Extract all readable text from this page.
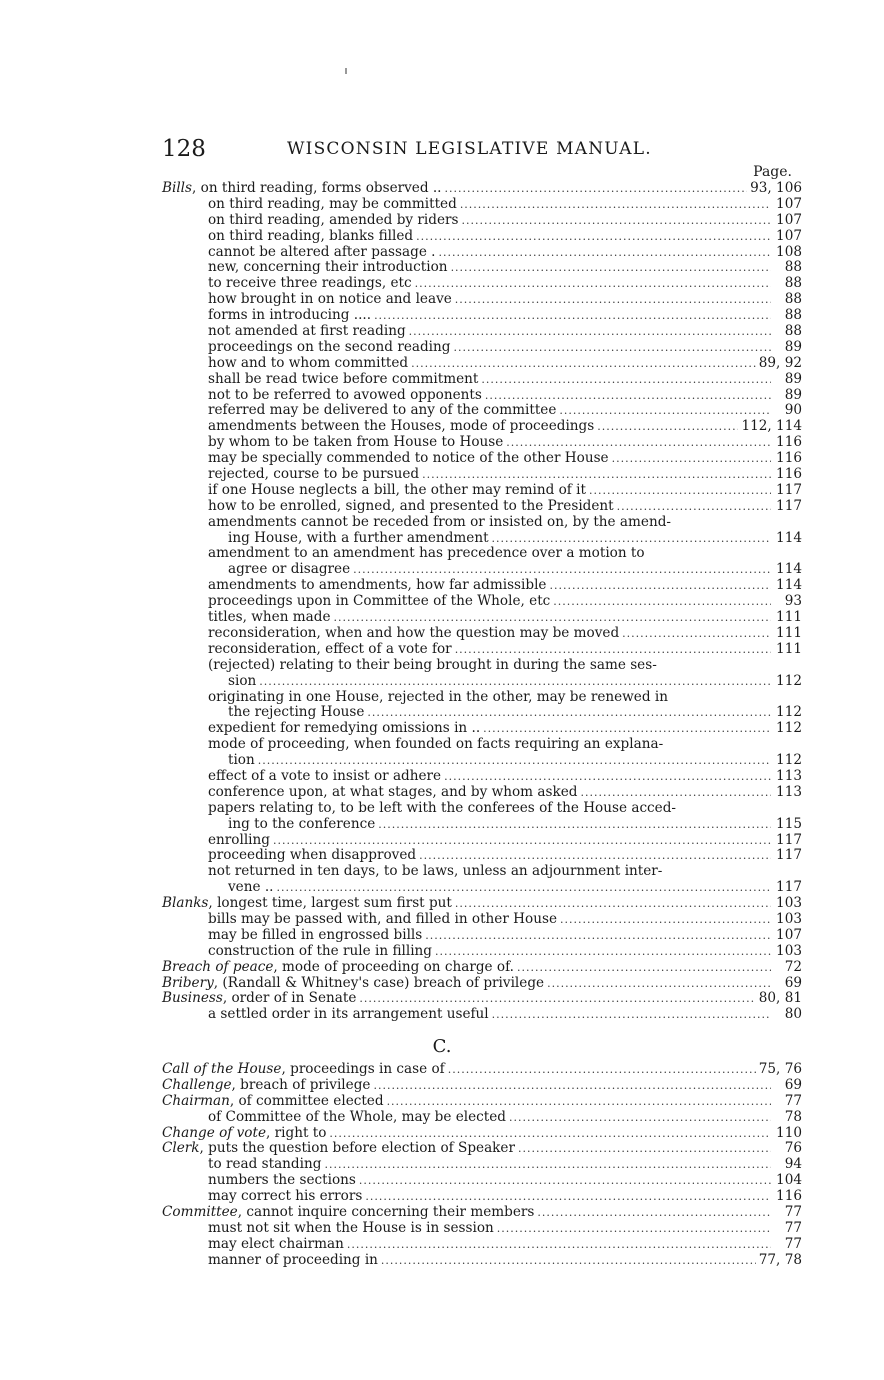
128	WISCONSIN LEGISLATIVE MANUAL.
Page.
Bills, on third reading, forms observed .. .....	93, 106
on third reading, may be committed .....	107
on third reading, amended by riders .....	107
on third reading, blanks filled .....	107
cannot be altered after passage . .....	108
new, concerning their introduction .....	88
to receive three readings, etc .....	88
how brought in on notice and leave .....	88
forms in introducing .... .....	88
not amended at first reading .....	88
proceedings on the second reading .....	89
how and to whom committed .....	89, 92
shall be read twice before commitment .....	89
not to be referred to avowed opponents .....	89
referred may be delivered to any of the committee .....	90
amendments between the Houses, mode of proceedings .....	112, 114
by whom to be taken from House to House .....	116
may be specially commended to notice of the other House .....	116
rejected, course to be pursued .....	116
if one House neglects a bill, the other may remind of it .....	117
how to be enrolled, signed, and presented to the President .....	117
amendments cannot be receded from or insisted on, by the amend-
ing House, with a further amendment .....	114
amendment to an amendment has precedence over a motion to
agree or disagree .....	114
amendments to amendments, how far admissible .....	114
proceedings upon in Committee of the Whole, etc .....	93
titles, when made .....	111
reconsideration, when and how the question may be moved .....	111
reconsideration, effect of a vote for .....	111
(rejected) relating to their being brought in during the same ses-
sion .....	112
originating in one House, rejected in the other, may be renewed in
the rejecting House .....	112
expedient for remedying omissions in .. .....	112
mode of proceeding, when founded on facts requiring an explana-
tion .....	112
effect of a vote to insist or adhere .....	113
conference upon, at what stages, and by whom asked .....	113
papers relating to, to be left with the conferees of the House acced-
ing to the conference .....	115
enrolling .....	117
proceeding when disapproved .....	117
not returned in ten days, to be laws, unless an adjournment inter-
vene .. .....	117
Blanks, longest time, largest sum first put .....	103
bills may be passed with, and filled in other House .....	103
may be filled in engrossed bills .....	107
construction of the rule in filling .....	103
Breach of peace, mode of proceeding on charge of. .....	72
Bribery, (Randall & Whitney's case) breach of privilege .....	69
Business, order of in Senate .....	80, 81
a settled order in its arrangement useful .....	80
C.
Call of the House, proceedings in case of .....	75, 76
Challenge, breach of privilege .....	69
Chairman, of committee elected .....	77
of Committee of the Whole, may be elected .....	78
Change of vote, right to .....	110
Clerk, puts the question before election of Speaker .....	76
to read standing .....	94
numbers the sections .....	104
may correct his errors .....	116
Committee, cannot inquire concerning their members .....	77
must not sit when the House is in session .....	77
may elect chairman .....	77
manner of proceeding in .....	77, 78
